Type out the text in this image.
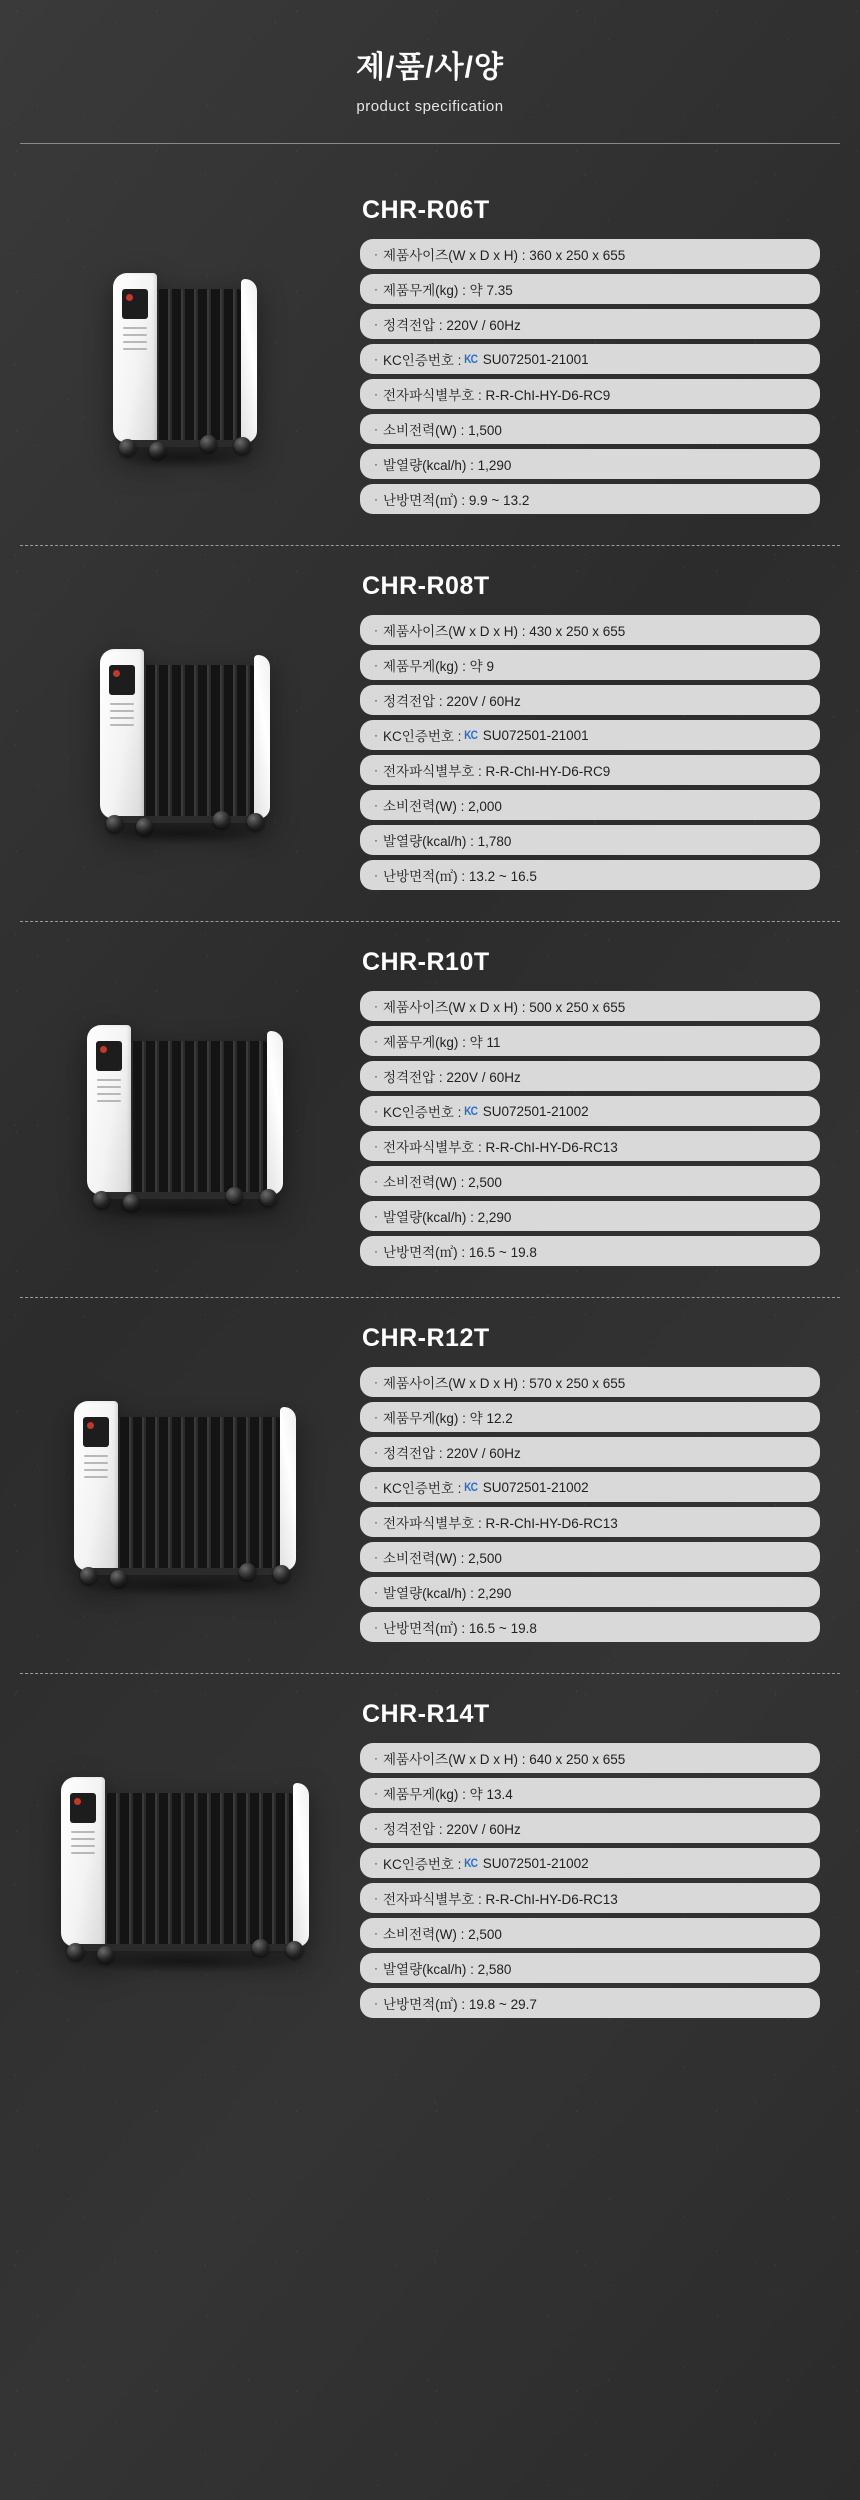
제/품/사/양

product specification

CHR-R06T
· 제품사이즈(W x D x H) : 360 x 250 x 655
· 제품무게(kg) : 약 7.35
· 정격전압 : 220V / 60Hz
· KC인증번호 : KC SU072501-21001
· 전자파식별부호 : R-R-ChI-HY-D6-RC9
· 소비전력(W) : 1,500
· 발열량(kcal/h) : 1,290
· 난방면적(㎡) : 9.9 ~ 13.2
CHR-R08T
· 제품사이즈(W x D x H) : 430 x 250 x 655
· 제품무게(kg) : 약 9
· 정격전압 : 220V / 60Hz
· KC인증번호 : KC SU072501-21001
· 전자파식별부호 : R-R-ChI-HY-D6-RC9
· 소비전력(W) : 2,000
· 발열량(kcal/h) : 1,780
· 난방면적(㎡) : 13.2 ~ 16.5
CHR-R10T
· 제품사이즈(W x D x H) : 500 x 250 x 655
· 제품무게(kg) : 약 11
· 정격전압 : 220V / 60Hz
· KC인증번호 : KC SU072501-21002
· 전자파식별부호 : R-R-ChI-HY-D6-RC13
· 소비전력(W) : 2,500
· 발열량(kcal/h) : 2,290
· 난방면적(㎡) : 16.5 ~ 19.8
CHR-R12T
· 제품사이즈(W x D x H) : 570 x 250 x 655
· 제품무게(kg) : 약 12.2
· 정격전압 : 220V / 60Hz
· KC인증번호 : KC SU072501-21002
· 전자파식별부호 : R-R-ChI-HY-D6-RC13
· 소비전력(W) : 2,500
· 발열량(kcal/h) : 2,290
· 난방면적(㎡) : 16.5 ~ 19.8
CHR-R14T
· 제품사이즈(W x D x H) : 640 x 250 x 655
· 제품무게(kg) : 약 13.4
· 정격전압 : 220V / 60Hz
· KC인증번호 : KC SU072501-21002
· 전자파식별부호 : R-R-ChI-HY-D6-RC13
· 소비전력(W) : 2,500
· 발열량(kcal/h) : 2,580
· 난방면적(㎡) : 19.8 ~ 29.7
